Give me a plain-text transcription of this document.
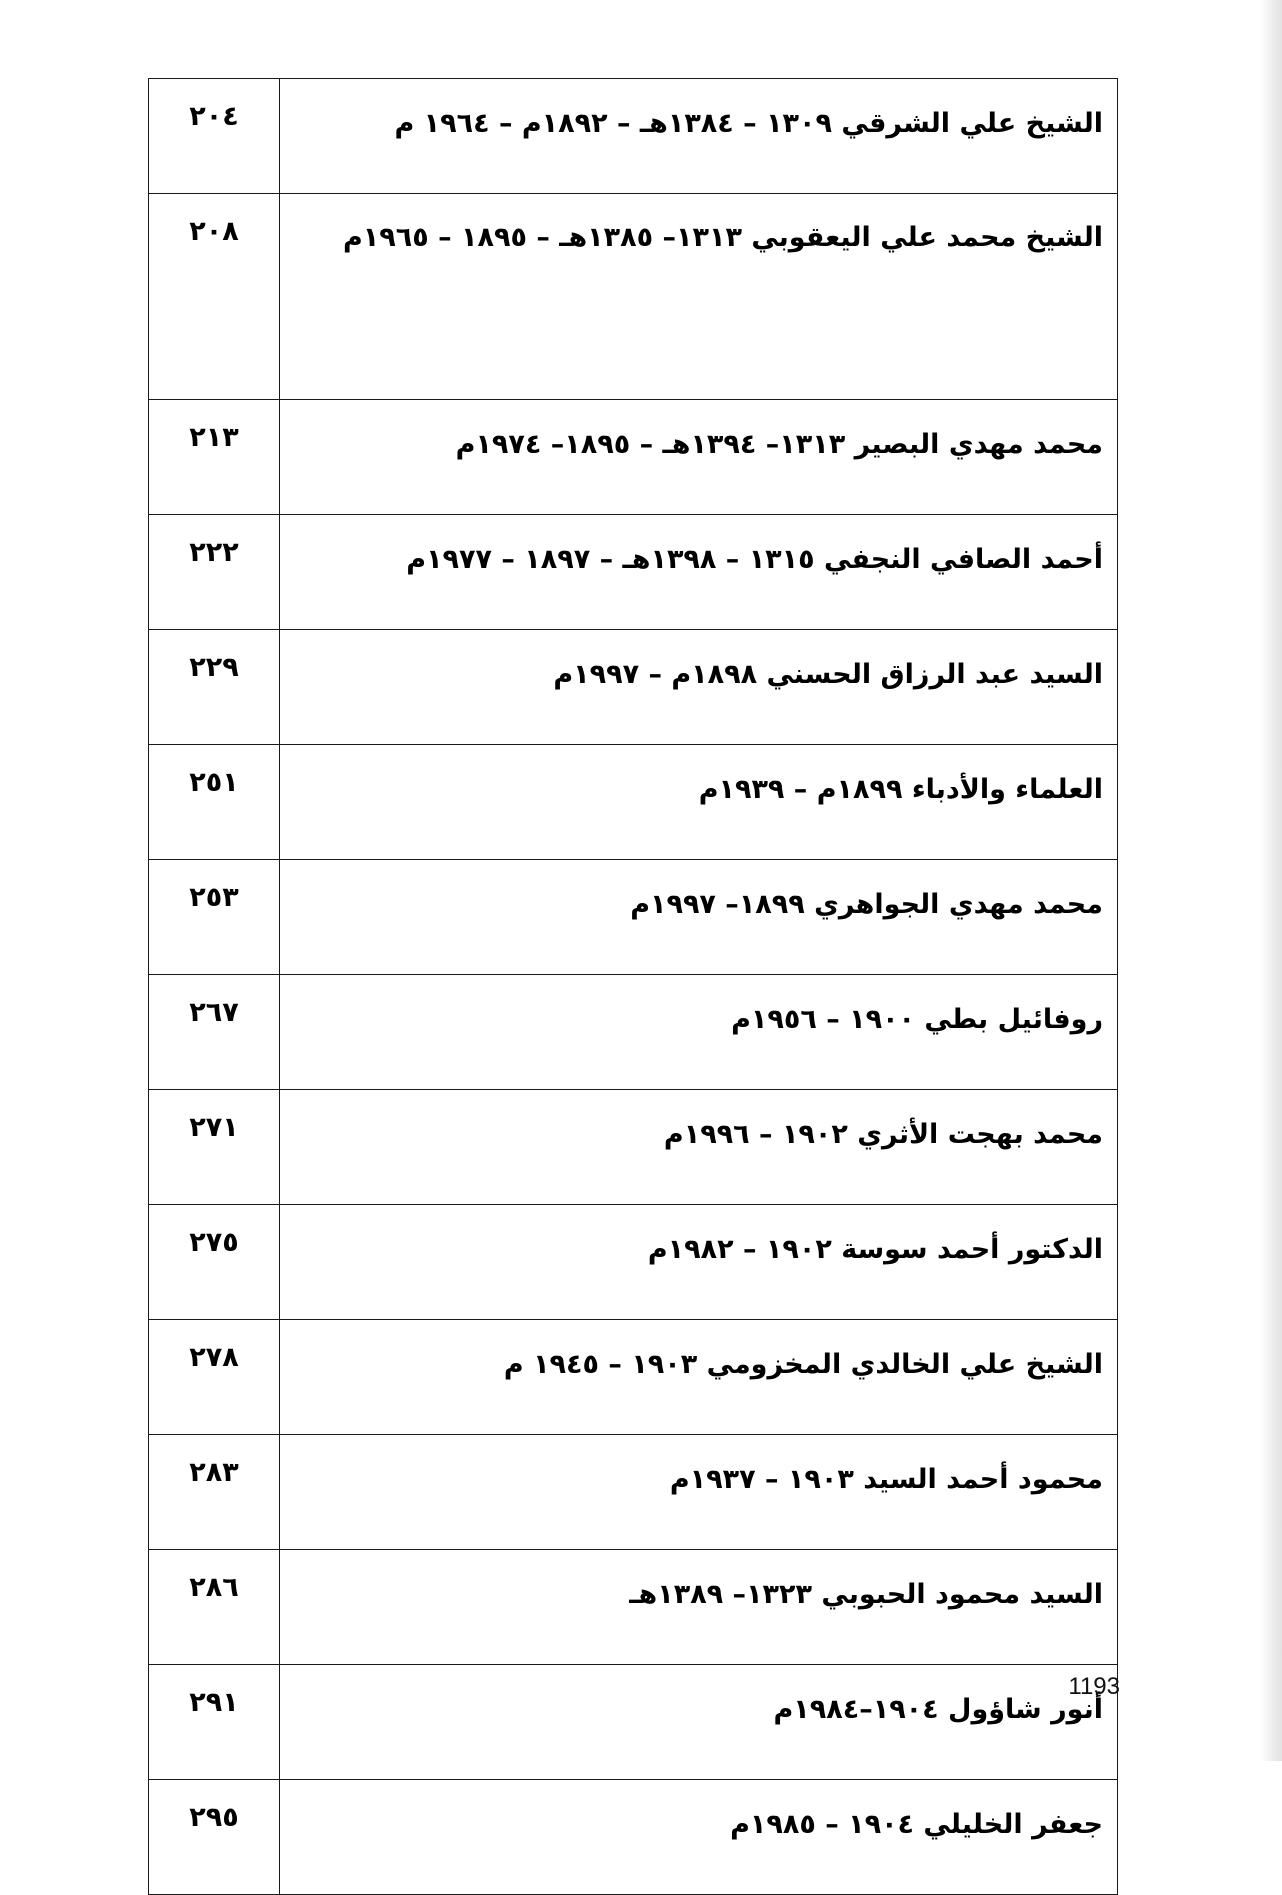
٢٠٤	الشيخ علي الشرقي ١٣٠٩ – ١٣٨٤هـ – ١٨٩٢م – ١٩٦٤ م
٢٠٨	الشيخ محمد علي اليعقوبي ١٣١٣– ١٣٨٥هـ – ١٨٩٥ – ١٩٦٥م
٢١٣	محمد مهدي البصير ١٣١٣– ١٣٩٤هـ – ١٨٩٥– ١٩٧٤م
٢٢٢	أحمد الصافي النجفي ١٣١٥ – ١٣٩٨هـ – ١٨٩٧ – ١٩٧٧م
٢٢٩	السيد عبد الرزاق الحسني ١٨٩٨م – ١٩٩٧م
٢٥١	العلماء والأدباء ١٨٩٩م – ١٩٣٩م
٢٥٣	محمد مهدي الجواهري ١٨٩٩– ١٩٩٧م
٢٦٧	روفائيل بطي ١٩٠٠ – ١٩٥٦م
٢٧١	محمد بهجت الأثري ١٩٠٢ – ١٩٩٦م
٢٧٥	الدكتور أحمد سوسة ١٩٠٢ – ١٩٨٢م
٢٧٨	الشيخ علي الخالدي المخزومي ١٩٠٣ – ١٩٤٥ م
٢٨٣	محمود أحمد السيد ١٩٠٣ – ١٩٣٧م
٢٨٦	السيد محمود الحبوبي ١٣٢٣– ١٣٨٩هـ
٢٩١	أنور شاؤول ١٩٠٤–١٩٨٤م
٢٩٥	جعفر الخليلي ١٩٠٤ – ١٩٨٥م
1193
